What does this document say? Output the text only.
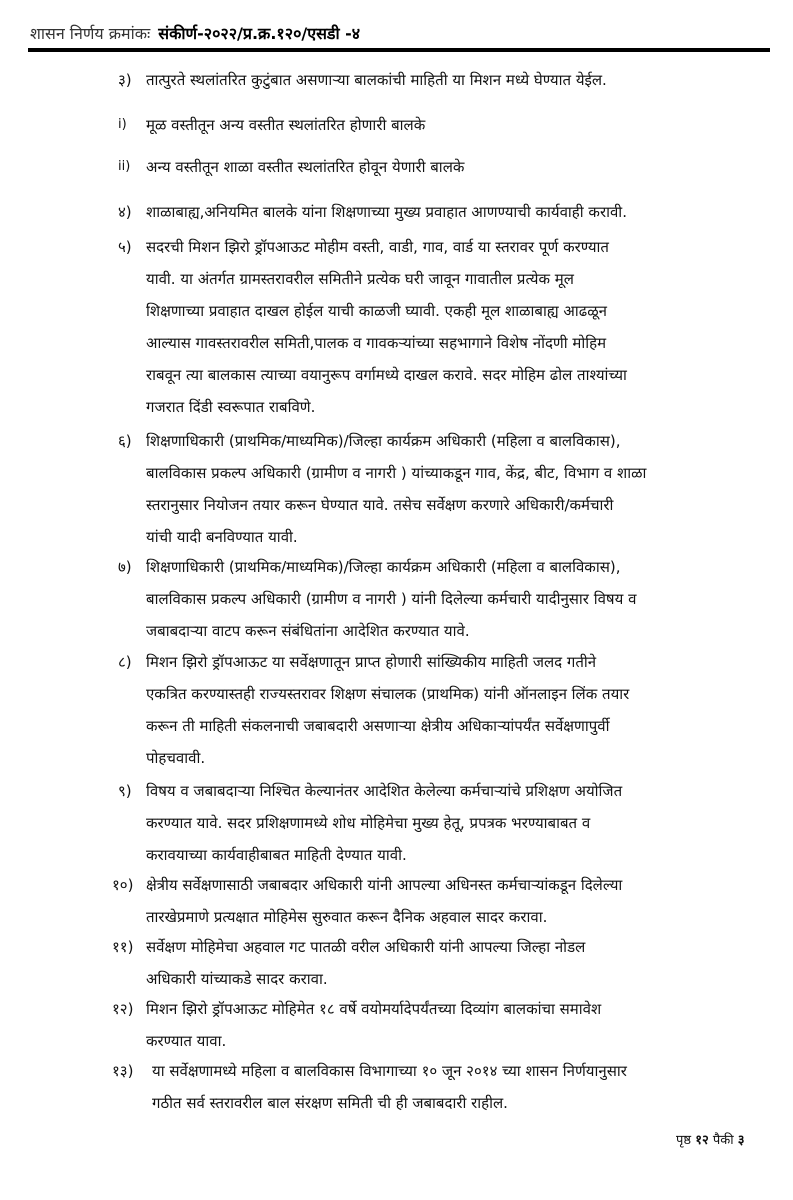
शासन निर्णय क्रमांकः संकीर्ण-२०२२/प्र.क्र.१२०/एसडी -४
३) तात्पुरते स्थलांतरित कुटुंबात असणाऱ्या बालकांची माहिती या मिशन मध्ये घेण्यात येईल.
i) मूळ वस्तीतून अन्य वस्तीत स्थलांतरित होणारी बालके
ii) अन्य वस्तीतून शाळा वस्तीत स्थलांतरित होवून येणारी बालके
४) शाळाबाह्य,अनियमित बालके यांना शिक्षणाच्या मुख्य प्रवाहात आणण्याची कार्यवाही करावी.
५) सदरची मिशन झिरो ड्रॉपआऊट मोहीम वस्ती, वाडी, गाव, वार्ड या स्तरावर पूर्ण करण्यात
यावी. या अंतर्गत ग्रामस्तरावरील समितीने प्रत्येक घरी जावून गावातील प्रत्येक मूल
शिक्षणाच्या प्रवाहात दाखल होईल याची काळजी घ्यावी. एकही मूल शाळाबाह्य आढळून
आल्यास गावस्तरावरील समिती,पालक व गावकऱ्यांच्या सहभागाने विशेष नोंदणी मोहिम
राबवून त्या बालकास त्याच्या वयानुरूप वर्गामध्ये दाखल करावे. सदर मोहिम ढोल ताश्यांच्या
गजरात दिंडी स्वरूपात राबविणे.
६) शिक्षणाधिकारी (प्राथमिक/माध्यमिक)/जिल्हा कार्यक्रम अधिकारी (महिला व बालविकास),
बालविकास प्रकल्प अधिकारी (ग्रामीण व नागरी ) यांच्याकडून गाव, केंद्र, बीट, विभाग व शाळा
स्तरानुसार नियोजन तयार करून घेण्यात यावे. तसेच सर्वेक्षण करणारे अधिकारी/कर्मचारी
यांची यादी बनविण्यात यावी.
७) शिक्षणाधिकारी (प्राथमिक/माध्यमिक)/जिल्हा कार्यक्रम अधिकारी (महिला व बालविकास),
बालविकास प्रकल्प अधिकारी (ग्रामीण व नागरी ) यांनी दिलेल्या कर्मचारी यादीनुसार विषय व
जबाबदाऱ्या वाटप करून संबंधितांना आदेशित करण्यात यावे.
८) मिशन झिरो ड्रॉपआऊट या सर्वेक्षणातून प्राप्त होणारी सांख्यिकीय माहिती जलद गतीने
एकत्रित करण्यास्तही राज्यस्तरावर शिक्षण संचालक (प्राथमिक) यांनी ऑनलाइन लिंक तयार
करून ती माहिती संकलनाची जबाबदारी असणाऱ्या क्षेत्रीय अधिकाऱ्यांपर्यंत सर्वेक्षणापुर्वी
पोहचवावी.
९) विषय व जबाबदाऱ्या निश्चित केल्यानंतर आदेशित केलेल्या कर्मचाऱ्यांचे प्रशिक्षण अयोजित
करण्यात यावे. सदर प्रशिक्षणामध्ये शोध मोहिमेचा मुख्य हेतू, प्रपत्रक भरण्याबाबत व
करावयाच्या कार्यवाहीबाबत माहिती देण्यात यावी.
१०) क्षेत्रीय सर्वेक्षणासाठी जबाबदार अधिकारी यांनी आपल्या अधिनस्त कर्मचाऱ्यांकडून दिलेल्या
तारखेप्रमाणे प्रत्यक्षात मोहिमेस सुरुवात करून दैनिक अहवाल सादर करावा.
११) सर्वेक्षण मोहिमेचा अहवाल गट पातळी वरील अधिकारी यांनी आपल्या जिल्हा नोडल
अधिकारी यांच्याकडे सादर करावा.
१२) मिशन झिरो ड्रॉपआऊट मोहिमेत १८ वर्षे वयोमर्यादेपर्यंतच्या दिव्यांग बालकांचा समावेश
करण्यात यावा.
१३) या सर्वेक्षणामध्ये महिला व बालविकास विभागाच्या १० जून २०१४ च्या शासन निर्णयानुसार
गठीत सर्व स्तरावरील बाल संरक्षण समिती ची ही जबाबदारी राहील.
पृष्ठ १२ पैकी ३
